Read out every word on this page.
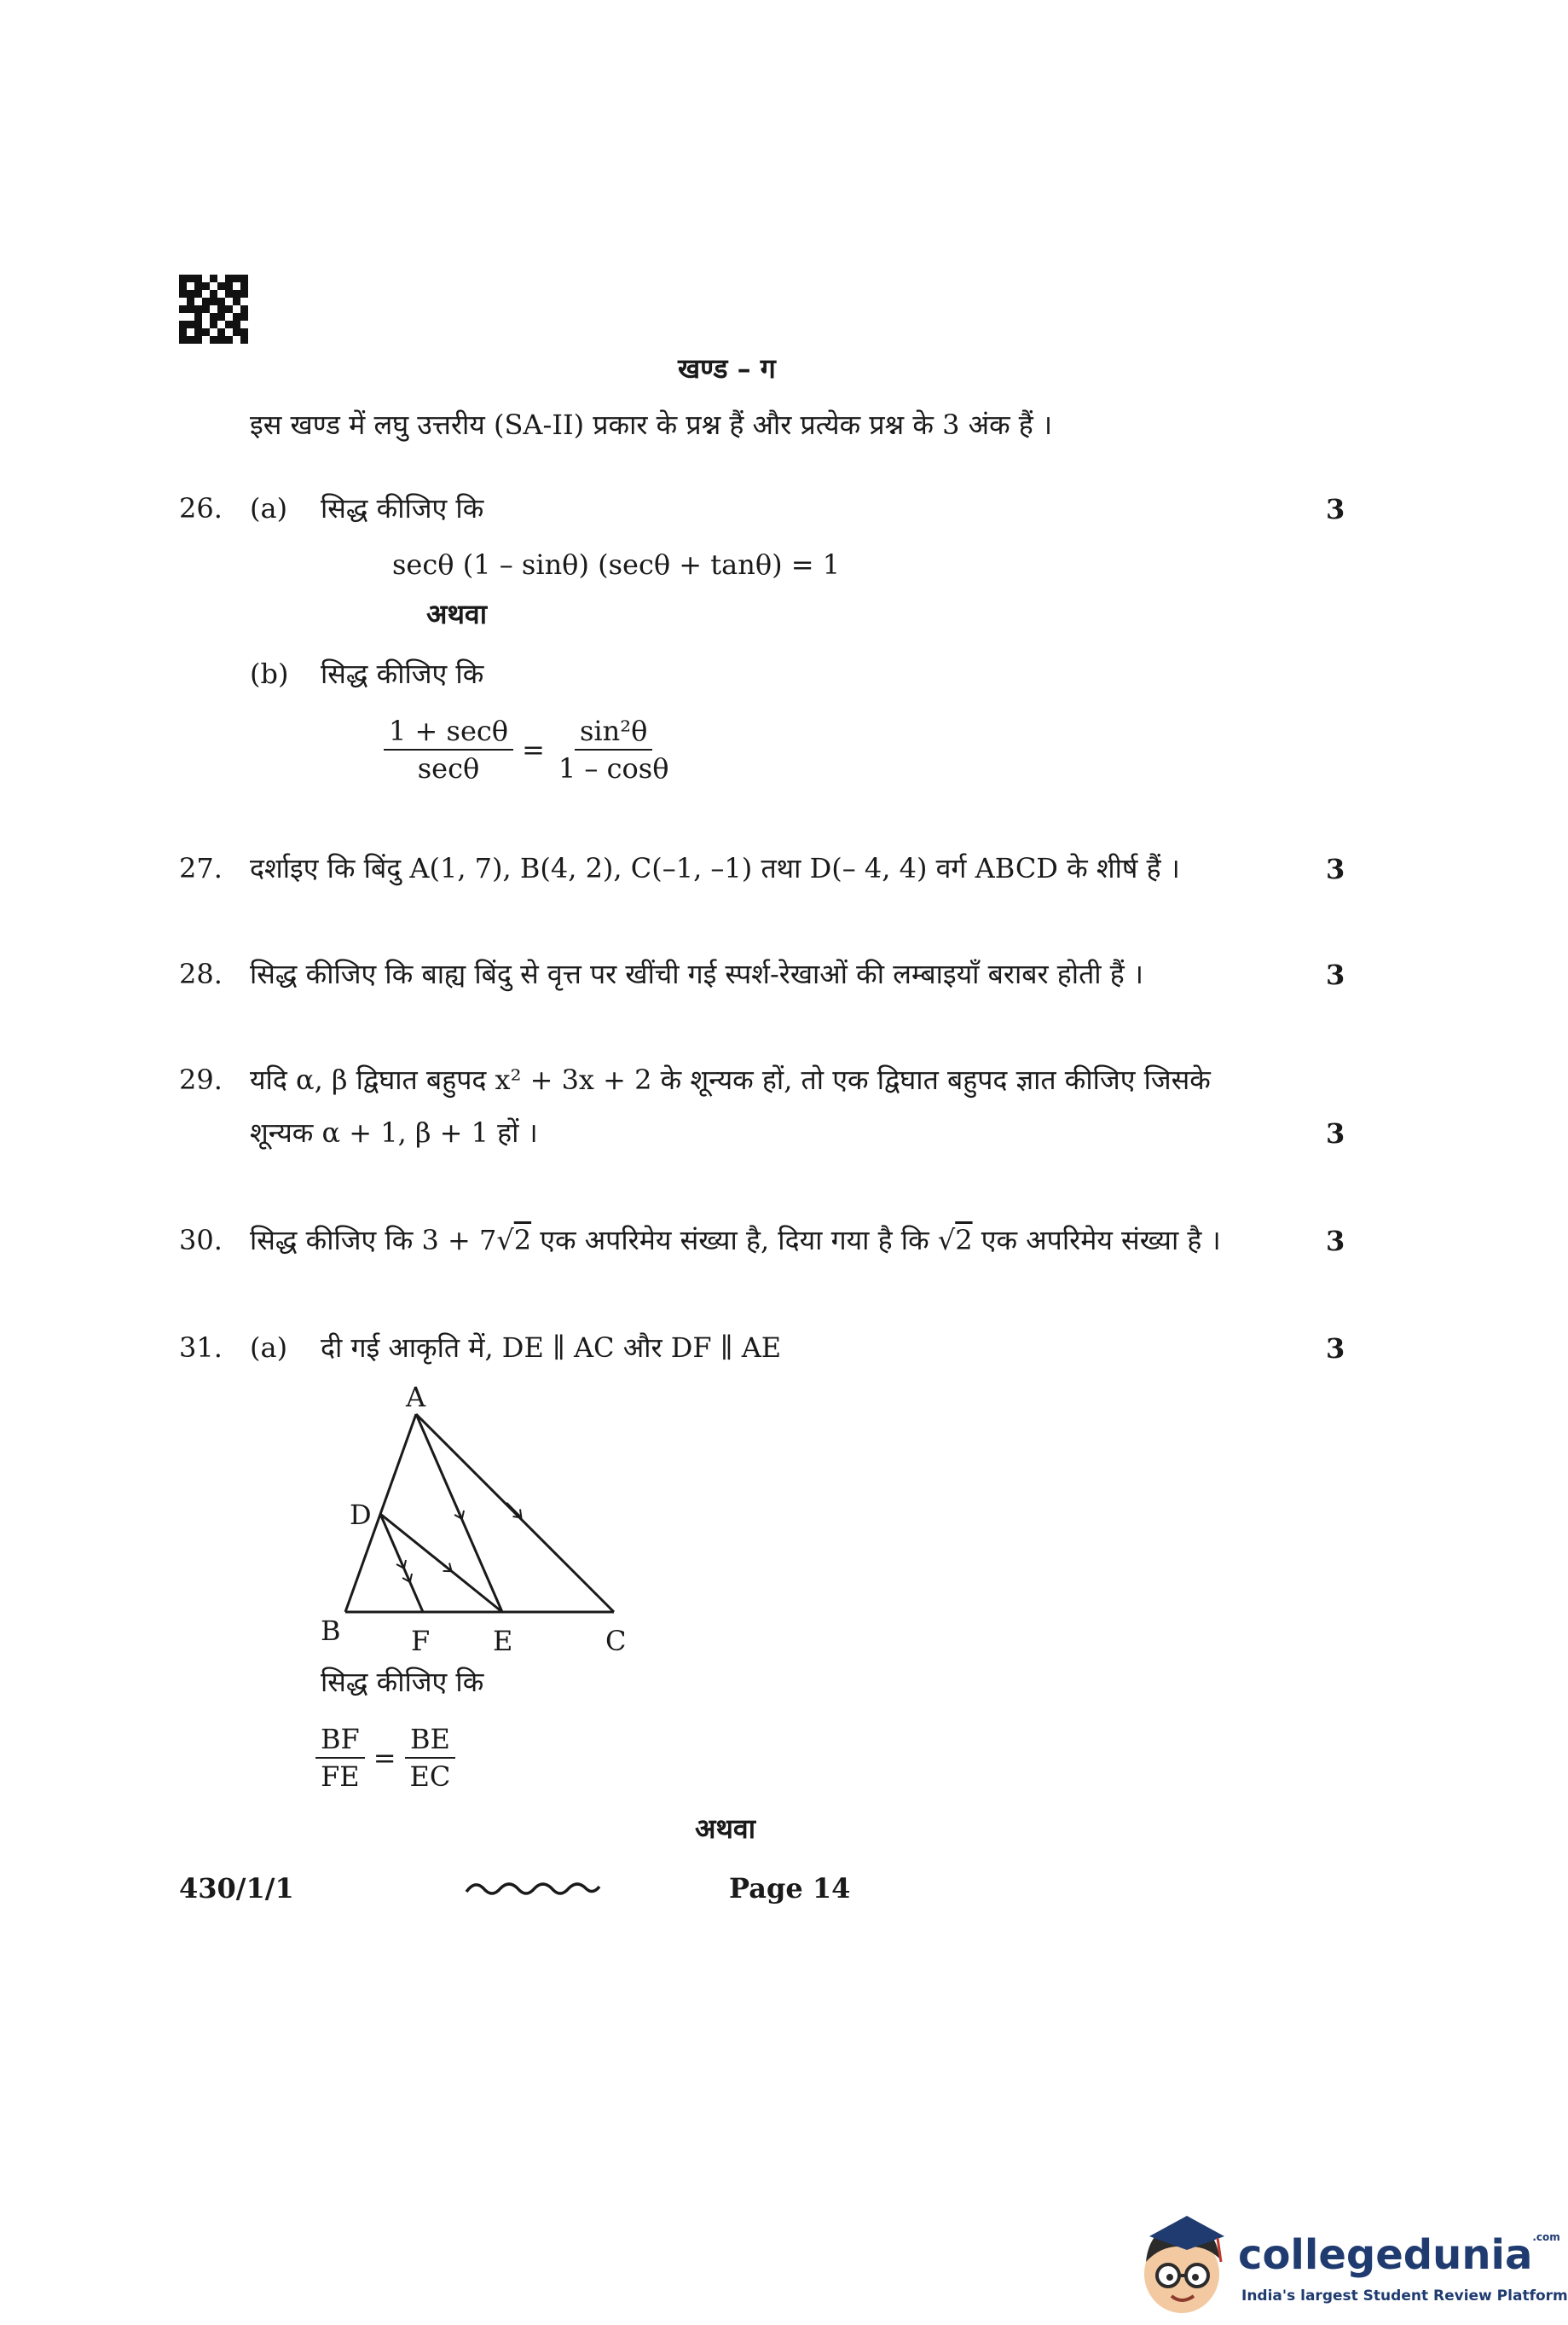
खण्ड – ग
इस खण्ड में लघु उत्तरीय (SA-II) प्रकार के प्रश्न हैं और प्रत्येक प्रश्न के 3 अंक हैं ।
26. (a) सिद्ध कीजिए कि	3
secθ (1 – sinθ) (secθ + tanθ) = 1
अथवा
(b) सिद्ध कीजिए कि
$\frac{1 + \sec\theta}{\sec\theta} = \frac{\text{sin²θ}}{1 - \cos\theta}$
27. दर्शाइए कि बिंदु A(1, 7), B(4, 2), C(–1, –1) तथा D(– 4, 4) वर्ग ABCD के शीर्ष हैं ।	3
28. सिद्ध कीजिए कि बाह्य बिंदु से वृत्त पर खींची गई स्पर्श-रेखाओं की लम्बाइयाँ बराबर होती हैं ।	3
29. यदि α, β द्विघात बहुपद x² + 3x + 2 के शून्यक हों, तो एक द्विघात बहुपद ज्ञात कीजिए जिसके
शून्यक α + 1, β + 1 हों ।	3
30. सिद्ध कीजिए कि 3 + 7√2 एक अपरिमेय संख्या है, दिया गया है कि √2 एक अपरिमेय संख्या है ।	3
31. (a) दी गई आकृति में, DE ∥ AC और DF ∥ AE	3
A
D
B	F E	C
सिद्ध कीजिए कि
$\frac{BF}{FE} = \frac{BE}{EC}$
अथवा
430/1/1	Page 14
collegedunia$^{.com}$
India's largest Student Review Platform
